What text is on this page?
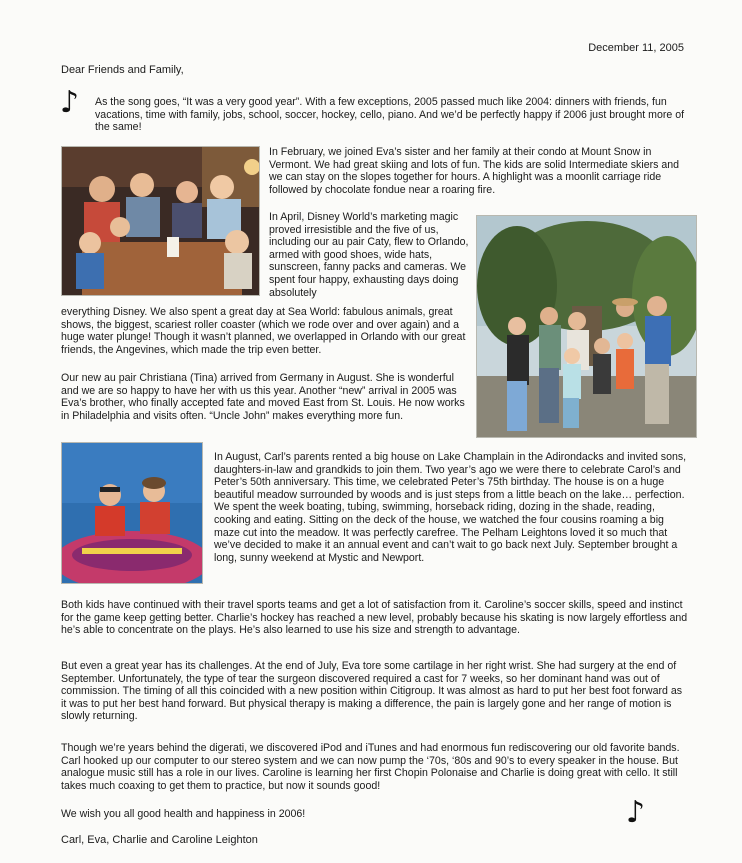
December 11, 2005
Dear Friends and Family,
♪ As the song goes, “It was a very good year”. With a few exceptions, 2005 passed much like 2004: dinners with friends, fun vacations, time with family, jobs, school, soccer, hockey, cello, piano. And we’d be perfectly happy if 2006 just brought more of the same!

In February, we joined Eva’s sister and her family at their condo at Mount Snow in Vermont. We had great skiing and lots of fun. The kids are solid Intermediate skiers and we can stay on the slopes together for hours. A highlight was a moonlit carriage ride followed by chocolate fondue near a roaring fire.

In April, Disney World’s marketing magic proved irresistible and the five of us, including our au pair Caty, flew to Orlando, armed with good shoes, wide hats, sunscreen, fanny packs and cameras. We spent four happy, exhausting days doing absolutely

everything Disney. We also spent a great day at Sea World: fabulous animals, great shows, the biggest, scariest roller coaster (which we rode over and over again) and a huge water plunge! Though it wasn’t planned, we overlapped in Orlando with our great friends, the Angevines, which made the trip even better.

Our new au pair Christiana (Tina) arrived from Germany in August. She is wonderful and we are so happy to have her with us this year. Another “new” arrival in 2005 was Eva’s brother, who finally accepted fate and moved East from St. Louis. He now works in Philadelphia and visits often. “Uncle John” makes everything more fun.

In August, Carl’s parents rented a big house on Lake Champlain in the Adirondacks and invited sons, daughters-in-law and grandkids to join them. Two year’s ago we were there to celebrate Carol’s and Peter’s 50th anniversary. This time, we celebrated Peter’s 75th birthday. The house is on a huge beautiful meadow surrounded by woods and is just steps from a little beach on the lake… perfection. We spent the week boating, tubing, swimming, horseback riding, dozing in the shade, reading, cooking and eating. Sitting on the deck of the house, we watched the four cousins roaming a big maze cut into the meadow. It was perfectly carefree. The Pelham Leightons loved it so much that we’ve decided to make it an annual event and can’t wait to go back next July. September brought a long, sunny weekend at Mystic and Newport.

Both kids have continued with their travel sports teams and get a lot of satisfaction from it. Caroline’s soccer skills, speed and instinct for the game keep getting better. Charlie’s hockey has reached a new level, probably because his skating is now largely effortless and he’s able to concentrate on the plays. He’s also learned to use his size and strength to advantage.

But even a great year has its challenges. At the end of July, Eva tore some cartilage in her right wrist. She had surgery at the end of September. Unfortunately, the type of tear the surgeon discovered required a cast for 7 weeks, so her dominant hand was out of commission. The timing of all this coincided with a new position within Citigroup. It was almost as hard to put her best foot forward as it was to put her best hand forward. But physical therapy is making a difference, the pain is largely gone and her range of motion is slowly returning.

Though we’re years behind the digerati, we discovered iPod and iTunes and had enormous fun rediscovering our old favorite bands. Carl hooked up our computer to our stereo system and we can now pump the ‘70s, ‘80s and 90’s to every speaker in the house. But analogue music still has a role in our lives. Caroline is learning her first Chopin Polonaise and Charlie is doing great with cello. It still takes much coaxing to get them to practice, but now it sounds good!

♪

We wish you all good health and happiness in 2006!

Carl, Eva, Charlie and Caroline Leighton
